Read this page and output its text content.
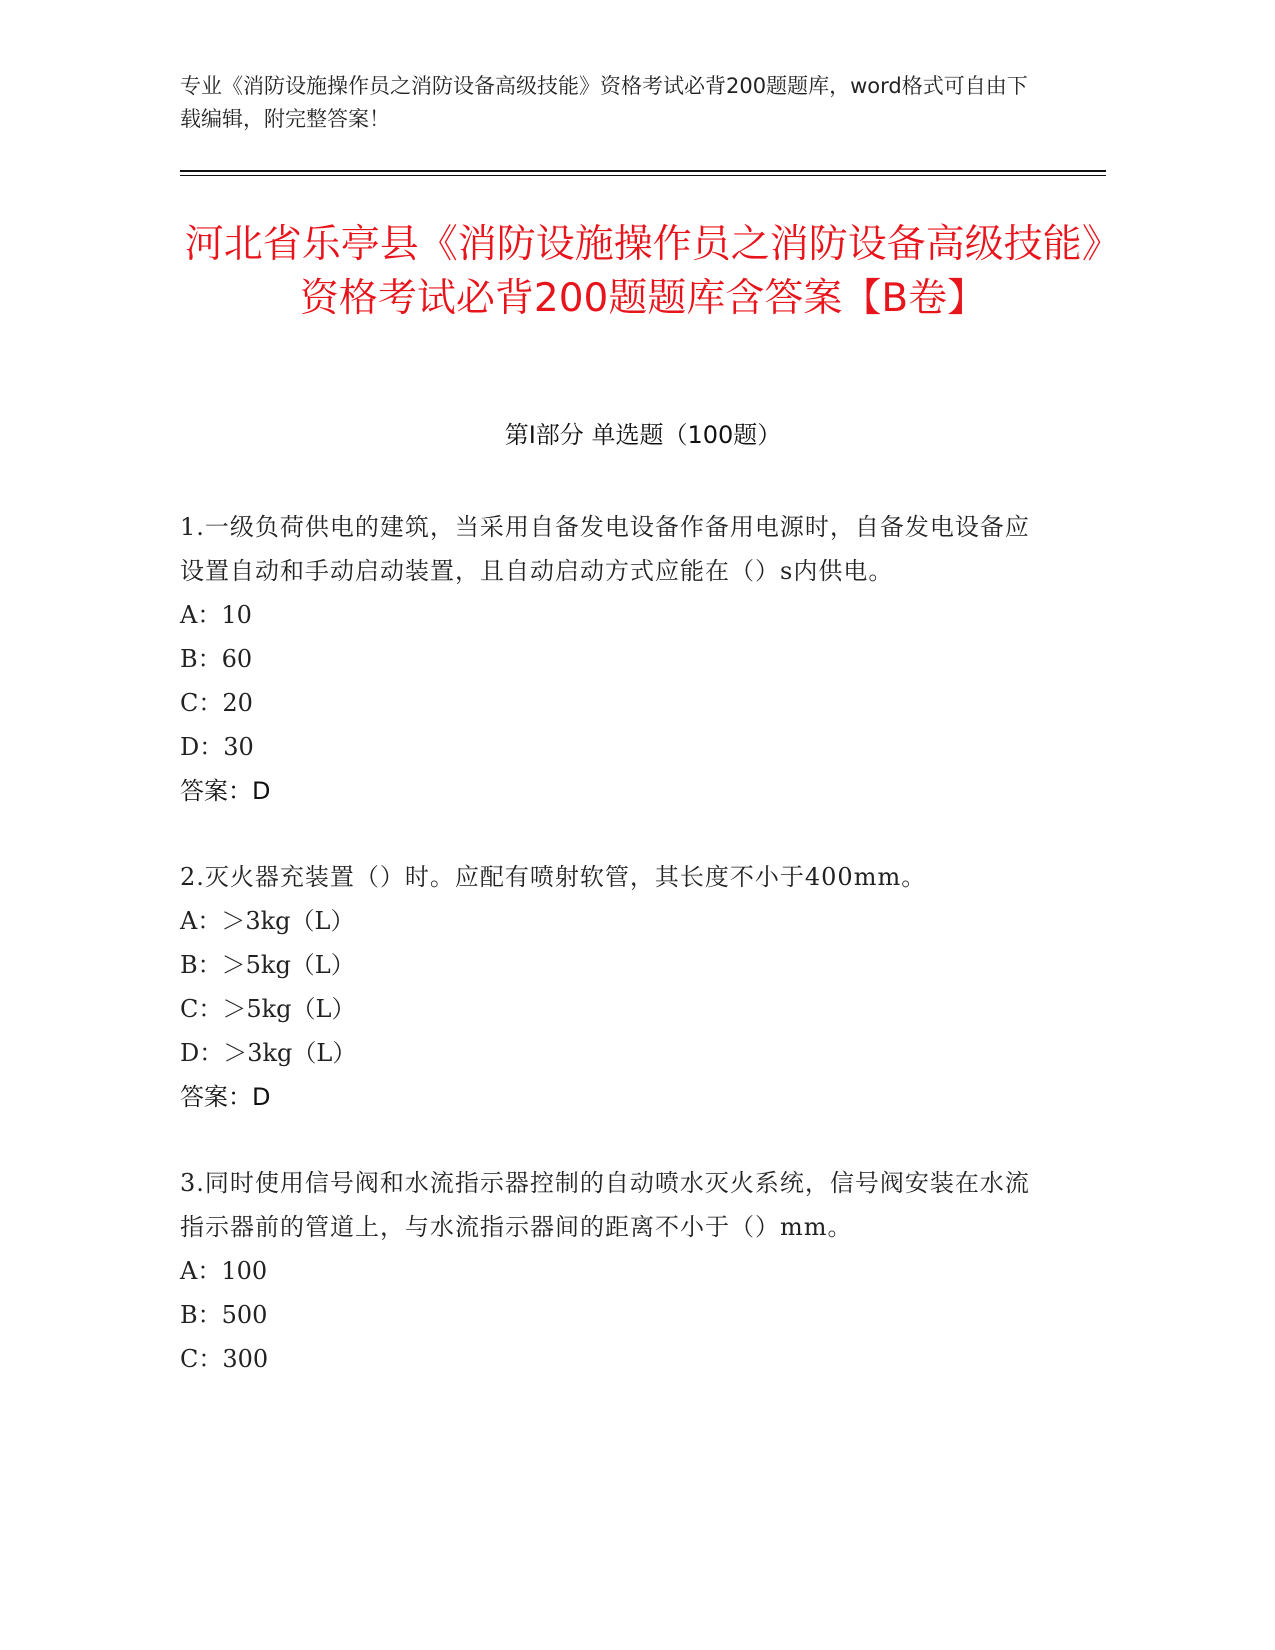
专业《消防设施操作员之消防设备高级技能》资格考试必背200题题库，word格式可自由下载编辑，附完整答案！
河北省乐亭县《消防设施操作员之消防设备高级技能》资格考试必背200题题库含答案【B卷】
第I部分 单选题（100题）
1.一级负荷供电的建筑，当采用自备发电设备作备用电源时，自备发电设备应设置自动和手动启动装置，且自动启动方式应能在（）s内供电。
A：10
B：60
C：20
D：30
答案：D
2.灭火器充装置（）时。应配有喷射软管，其长度不小于400mm。
A：＞3kg（L）
B：＞5kg（L）
C：＞5kg（L）
D：＞3kg（L）
答案：D
3.同时使用信号阀和水流指示器控制的自动喷水灭火系统，信号阀安装在水流指示器前的管道上，与水流指示器间的距离不小于（）mm。
A：100
B：500
C：300
